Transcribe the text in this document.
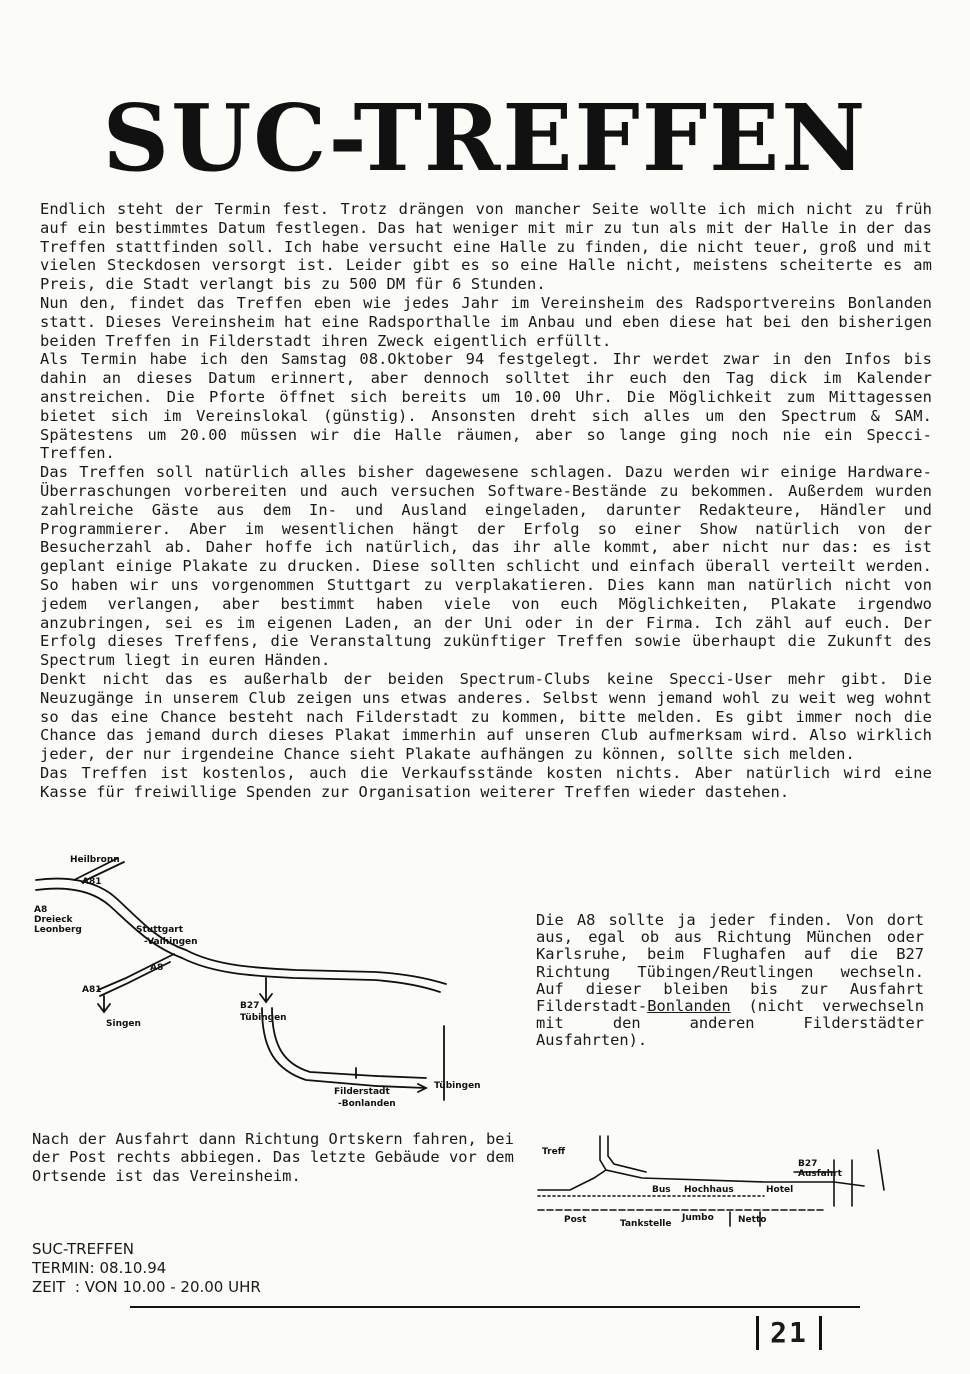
SUC-TREFFEN

Endlich steht der Termin fest. Trotz drängen von mancher Seite wollte ich mich nicht zu früh auf ein bestimmtes Datum festlegen. Das hat weniger mit mir zu tun als mit der Halle in der das Treffen stattfinden soll. Ich habe versucht eine Halle zu finden, die nicht teuer, groß und mit vielen Steckdosen versorgt ist. Leider gibt es so eine Halle nicht, meistens scheiterte es am Preis, die Stadt verlangt bis zu 500 DM für 6 Stunden.

Nun den, findet das Treffen eben wie jedes Jahr im Vereinsheim des Radsportvereins Bonlanden statt. Dieses Vereinsheim hat eine Radsporthalle im Anbau und eben diese hat bei den bisherigen beiden Treffen in Filderstadt ihren Zweck eigentlich erfüllt.

Als Termin habe ich den Samstag 08.Oktober 94 festgelegt. Ihr werdet zwar in den Infos bis dahin an dieses Datum erinnert, aber dennoch solltet ihr euch den Tag dick im Kalender anstreichen. Die Pforte öffnet sich bereits um 10.00 Uhr. Die Möglichkeit zum Mittagessen bietet sich im Vereinslokal (günstig). Ansonsten dreht sich alles um den Spectrum & SAM. Spätestens um 20.00 müssen wir die Halle räumen, aber so lange ging noch nie ein Specci-Treffen.

Das Treffen soll natürlich alles bisher dagewesene schlagen. Dazu werden wir einige Hardware-Überraschungen vorbereiten und auch versuchen Software-Bestände zu bekommen. Außerdem wurden zahlreiche Gäste aus dem In- und Ausland eingeladen, darunter Redakteure, Händler und Programmierer. Aber im wesentlichen hängt der Erfolg so einer Show natürlich von der Besucherzahl ab. Daher hoffe ich natürlich, das ihr alle kommt, aber nicht nur das: es ist geplant einige Plakate zu drucken. Diese sollten schlicht und einfach überall verteilt werden. So haben wir uns vorgenommen Stuttgart zu verplakatieren. Dies kann man natürlich nicht von jedem verlangen, aber bestimmt haben viele von euch Möglichkeiten, Plakate irgendwo anzubringen, sei es im eigenen Laden, an der Uni oder in der Firma. Ich zähl auf euch. Der Erfolg dieses Treffens, die Veranstaltung zukünftiger Treffen sowie überhaupt die Zukunft des Spectrum liegt in euren Händen.

Denkt nicht das es außerhalb der beiden Spectrum-Clubs keine Specci-User mehr gibt. Die Neuzugänge in unserem Club zeigen uns etwas anderes. Selbst wenn jemand wohl zu weit weg wohnt so das eine Chance besteht nach Filderstadt zu kommen, bitte melden. Es gibt immer noch die Chance das jemand durch dieses Plakat immerhin auf unseren Club aufmerksam wird. Also wirklich jeder, der nur irgendeine Chance sieht Plakate aufhängen zu können, sollte sich melden.

Das Treffen ist kostenlos, auch die Verkaufsstände kosten nichts. Aber natürlich wird eine Kasse für freiwillige Spenden zur Organisation weiterer Treffen wieder dastehen.

Heilbronn
A81
A8
Dreieck
Leonberg	Stuttgart
-Vaihingen
A8
A81
Singen
B27
Tübingen
Filderstadt
-Bonlanden
Tübingen
Die A8 sollte ja jeder finden. Von dort aus, egal ob aus Richtung München oder Karlsruhe, beim Flughafen auf die B27 Richtung Tübingen/Reutlingen wechseln. Auf dieser bleiben bis zur Ausfahrt Filderstadt-Bonlanden (nicht verwechseln mit den anderen Filderstädter Ausfahrten).
Nach der Ausfahrt dann Richtung Ortskern fahren, bei der Post rechts abbiegen. Das letzte Gebäude vor dem Ortsende ist das Vereinsheim.
Treff
B27
Ausfahrt
Bus Hochhaus	Hotel
Post	Tankstelle
Jumbo	Netto
SUC-TREFFEN
TERMIN: 08.10.94
ZEIT : VON 10.00 - 20.00 UHR
21
